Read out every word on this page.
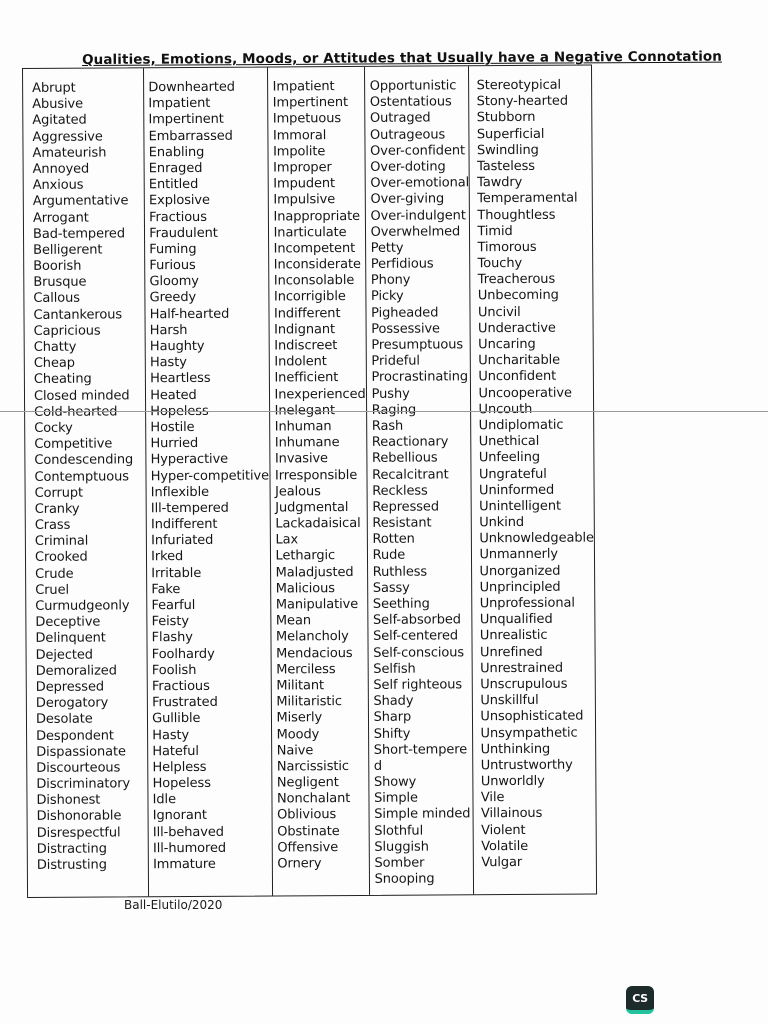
Qualities, Emotions, Moods, or Attitudes that Usually have a Negative Connotation
Abrupt
Abusive
Agitated
Aggressive
Amateurish
Annoyed
Anxious
Argumentative
Arrogant
Bad-tempered
Belligerent
Boorish
Brusque
Callous
Cantankerous
Capricious
Chatty
Cheap
Cheating
Closed minded
Cold-hearted
Cocky
Competitive
Condescending
Contemptuous
Corrupt
Cranky
Crass
Criminal
Crooked
Crude
Cruel
Curmudgeonly
Deceptive
Delinquent
Dejected
Demoralized
Depressed
Derogatory
Desolate
Despondent
Dispassionate
Discourteous
Discriminatory
Dishonest
Dishonorable
Disrespectful
Distracting
Distrusting
Downhearted
Impatient
Impertinent
Embarrassed
Enabling
Enraged
Entitled
Explosive
Fractious
Fraudulent
Fuming
Furious
Gloomy
Greedy
Half-hearted
Harsh
Haughty
Hasty
Heartless
Heated
Hopeless
Hostile
Hurried
Hyperactive
Hyper-competitive
Inflexible
Ill-tempered
Indifferent
Infuriated
Irked
Irritable
Fake
Fearful
Feisty
Flashy
Foolhardy
Foolish
Fractious
Frustrated
Gullible
Hasty
Hateful
Helpless
Hopeless
Idle
Ignorant
Ill-behaved
Ill-humored
Immature
Impatient
Impertinent
Impetuous
Immoral
Impolite
Improper
Impudent
Impulsive
Inappropriate
Inarticulate
Incompetent
Inconsiderate
Inconsolable
Incorrigible
Indifferent
Indignant
Indiscreet
Indolent
Inefficient
Inexperienced
Inelegant
Inhuman
Inhumane
Invasive
Irresponsible
Jealous
Judgmental
Lackadaisical
Lax
Lethargic
Maladjusted
Malicious
Manipulative
Mean
Melancholy
Mendacious
Merciless
Militant
Militaristic
Miserly
Moody
Naive
Narcissistic
Negligent
Nonchalant
Oblivious
Obstinate
Offensive
Ornery
Opportunistic
Ostentatious
Outraged
Outrageous
Over-confident
Over-doting
Over-emotional
Over-giving
Over-indulgent
Overwhelmed
Petty
Perfidious
Phony
Picky
Pigheaded
Possessive
Presumptuous
Prideful
Procrastinating
Pushy
Raging
Rash
Reactionary
Rebellious
Recalcitrant
Reckless
Repressed
Resistant
Rotten
Rude
Ruthless
Sassy
Seething
Self-absorbed
Self-centered
Self-conscious
Selfish
Self righteous
Shady
Sharp
Shifty
Short-tempere
d
Showy
Simple
Simple minded
Slothful
Sluggish
Somber
Snooping
Stereotypical
Stony-hearted
Stubborn
Superficial
Swindling
Tasteless
Tawdry
Temperamental
Thoughtless
Timid
Timorous
Touchy
Treacherous
Unbecoming
Uncivil
Underactive
Uncaring
Uncharitable
Unconfident
Uncooperative
Uncouth
Undiplomatic
Unethical
Unfeeling
Ungrateful
Uninformed
Unintelligent
Unkind
Unknowledgeable
Unmannerly
Unorganized
Unprincipled
Unprofessional
Unqualified
Unrealistic
Unrefined
Unrestrained
Unscrupulous
Unskillful
Unsophisticated
Unsympathetic
Unthinking
Untrustworthy
Unworldly
Vile
Villainous
Violent
Volatile
Vulgar
Ball-Elutilo/2020
CS
